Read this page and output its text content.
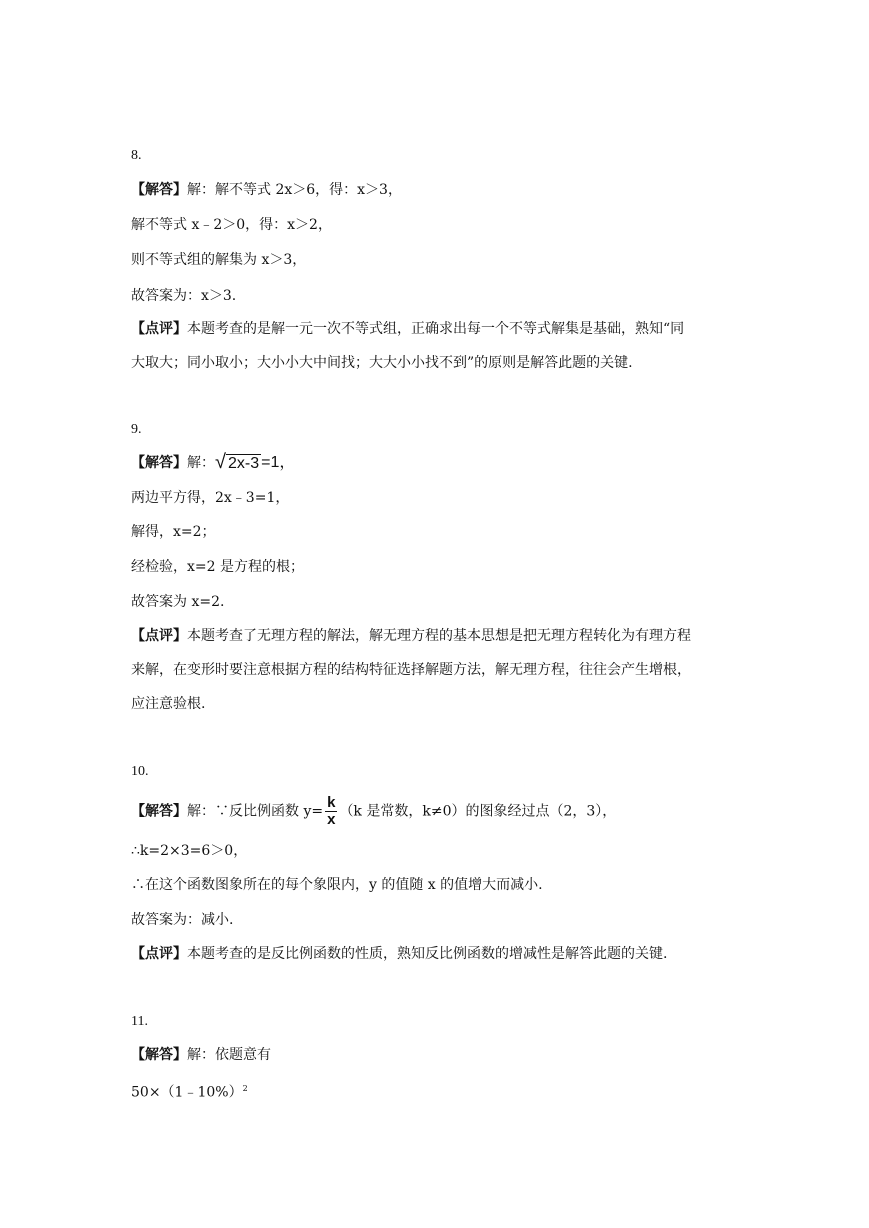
8.
【解答】解：解不等式 2x＞6，得：x＞3，
解不等式 x﹣2＞0，得：x＞2，
则不等式组的解集为 x＞3，
故答案为：x＞3.
【点评】本题考查的是解一元一次不等式组，正确求出每一个不等式解集是基础，熟知“同
大取大；同小取小；大小小大中间找；大大小小找不到”的原则是解答此题的关键.
9.
【解答】解：√ 2x-3 =1，
两边平方得，2x﹣3=1，
解得，x=2；
经检验，x=2 是方程的根；
故答案为 x=2.
【点评】本题考查了无理方程的解法，解无理方程的基本思想是把无理方程转化为有理方程
来解，在变形时要注意根据方程的结构特征选择解题方法，解无理方程，往往会产生增根，
应注意验根.
10.
【解答】解：∵反比例函数 $y= \frac{k}{x} (k$ 是常数，k≠0）的图象经过点（2，3），
∴k=2×3=6＞0，
∴在这个函数图象所在的每个象限内，y 的值随 x 的值增大而减小.
故答案为：减小.
【点评】本题考查的是反比例函数的性质，熟知反比例函数的增减性是解答此题的关键.
11.
【解答】解：依题意有
50×（1﹣10%）$^2$
